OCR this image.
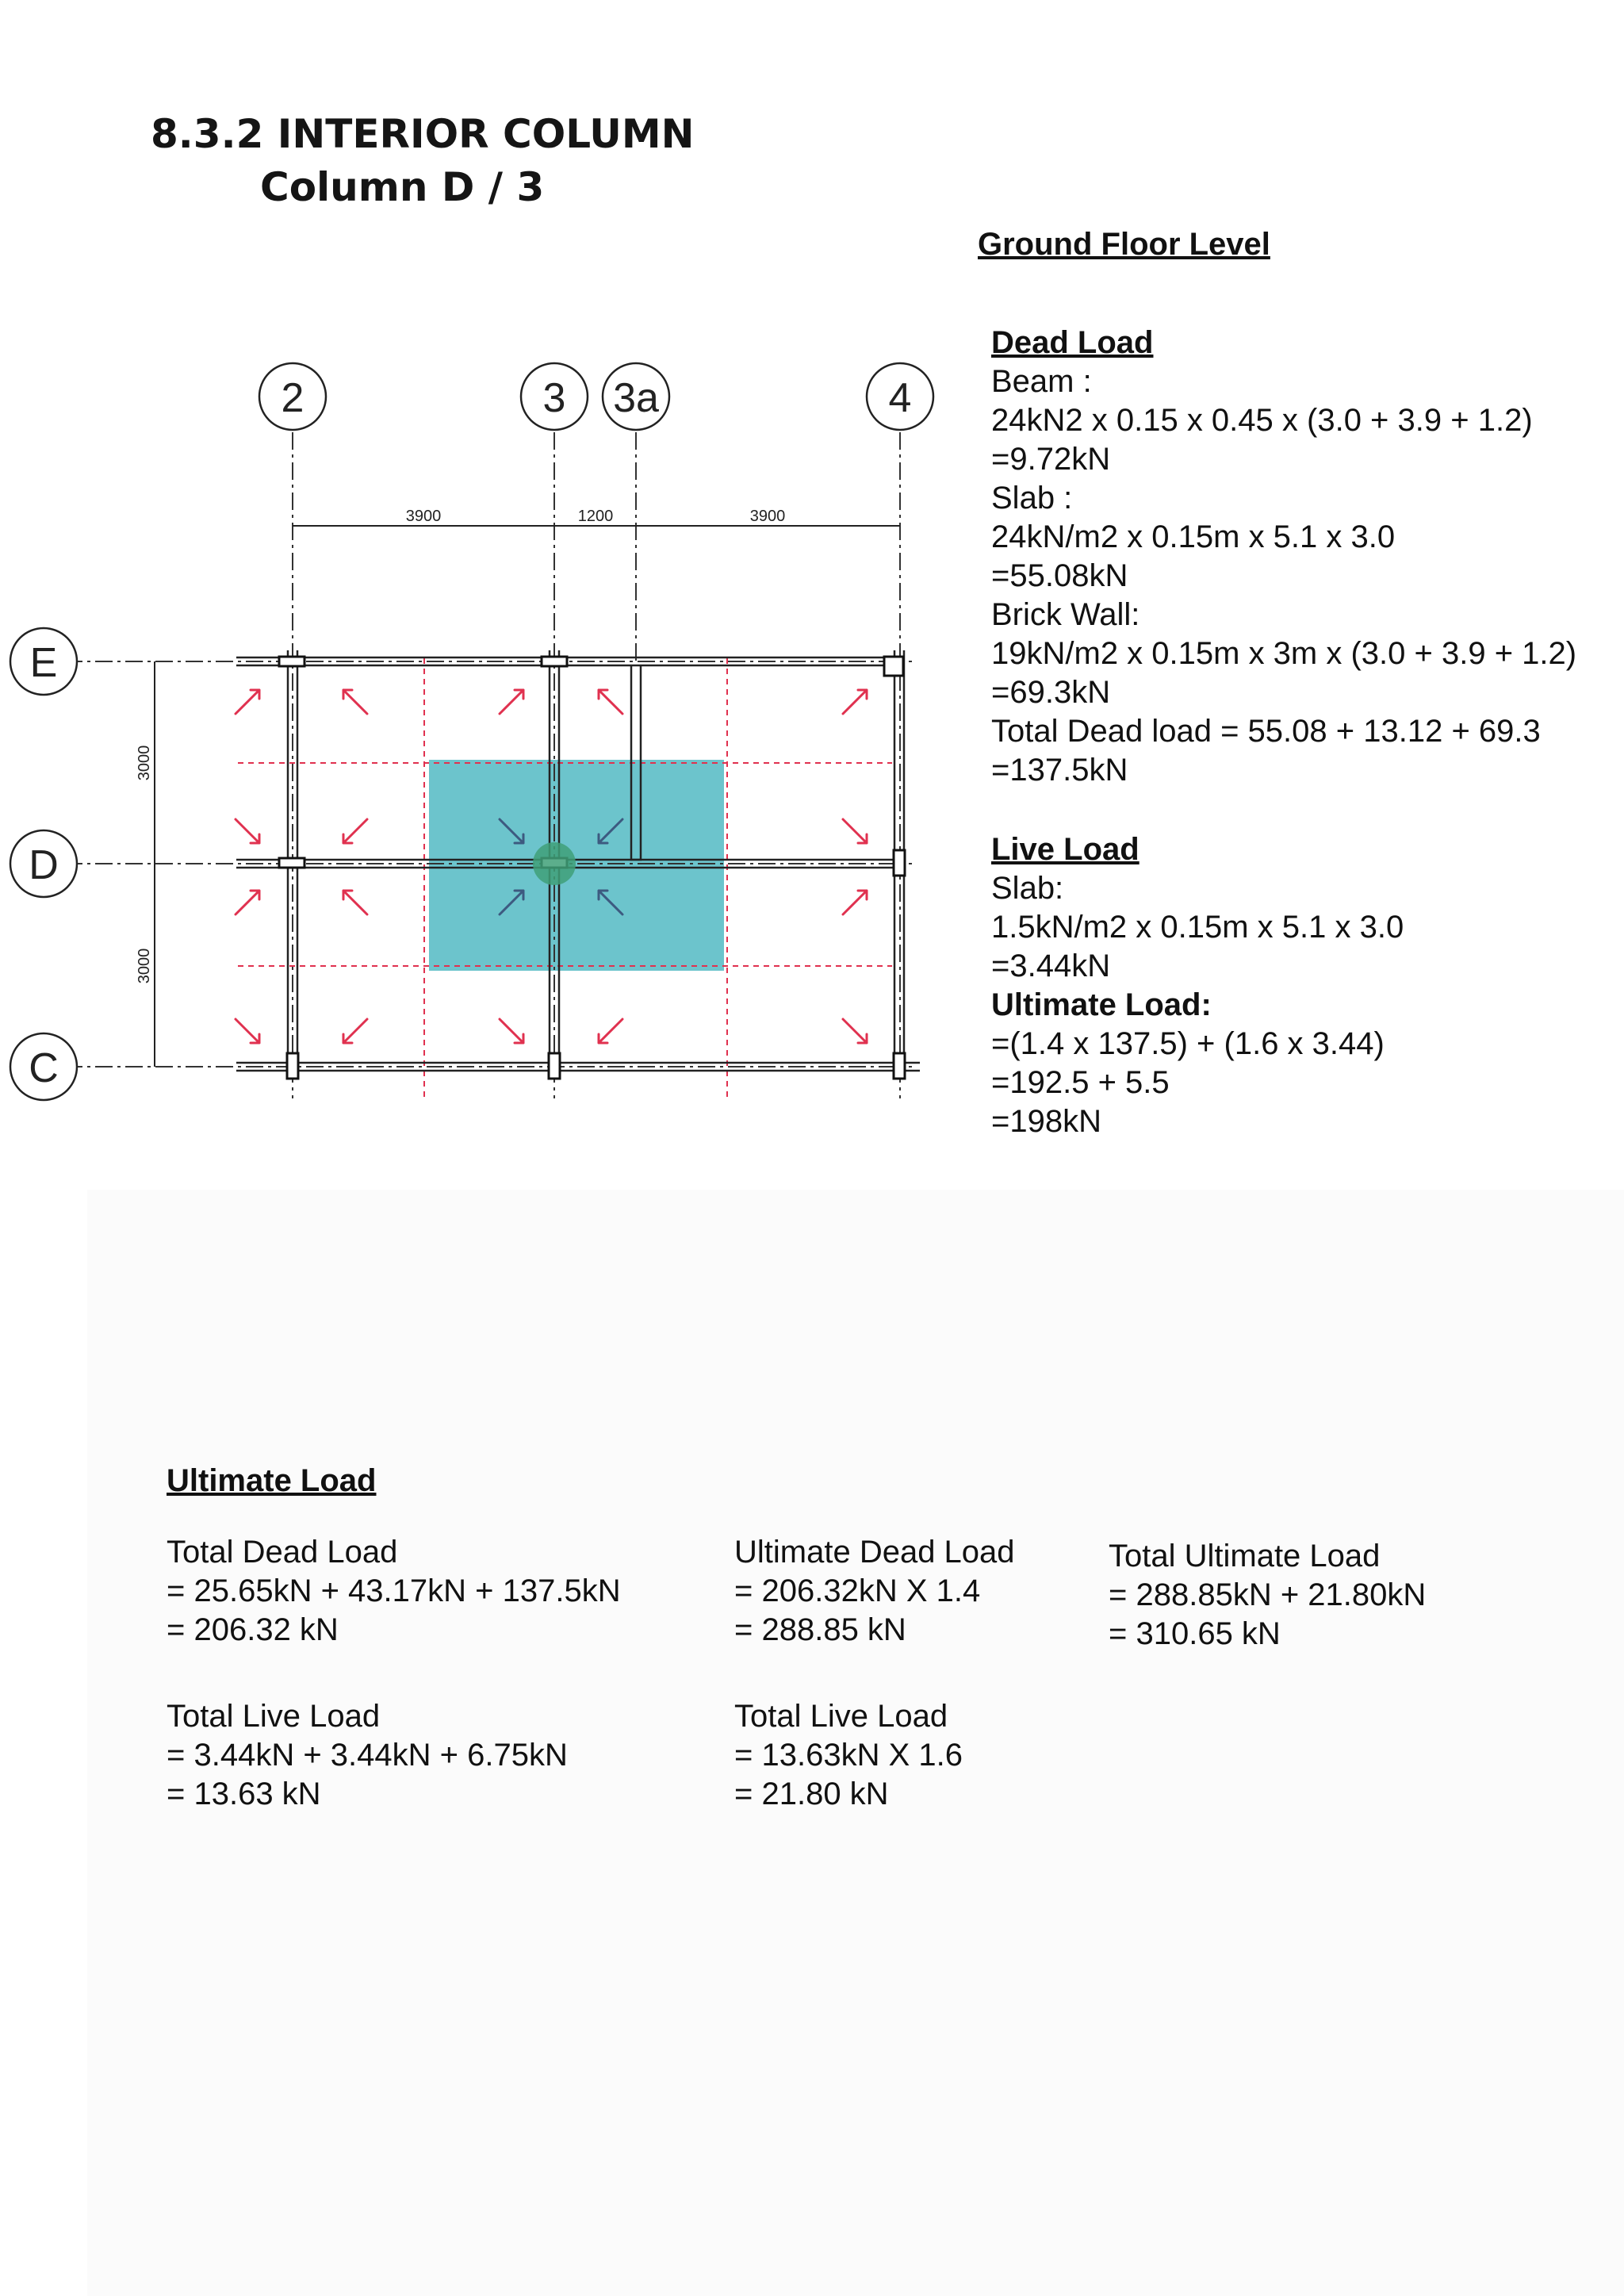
8.3.2 INTERIOR COLUMN
Column D / 3
Ground Floor Level
Dead Load
Beam :
24kN2 x 0.15 x 0.45 x (3.0 + 3.9 + 1.2)
=9.72kN
Slab :
24kN/m2 x 0.15m x 5.1 x 3.0
=55.08kN
Brick Wall:
19kN/m2 x 0.15m x 3m x (3.0 + 3.9 + 1.2)
=69.3kN
Total Dead load = 55.08 + 13.12 + 69.3
=137.5kN
Live Load
Slab:
1.5kN/m2 x 0.15m x 5.1 x 3.0
=3.44kN
Ultimate Load:
=(1.4 x 137.5) + (1.6 x 3.44)
=192.5 + 5.5
=198kN
3900	1200	3900
3000
3000
2	3 3a	4
E
D
C
Ultimate Load
Total Dead Load
= 25.65kN + 43.17kN + 137.5kN
= 206.32 kN
Total Live Load
= 3.44kN + 3.44kN + 6.75kN
= 13.63 kN
Ultimate Dead Load
= 206.32kN X 1.4
= 288.85 kN
Total Live Load
= 13.63kN X 1.6
= 21.80 kN
Total Ultimate Load
= 288.85kN + 21.80kN
= 310.65 kN
